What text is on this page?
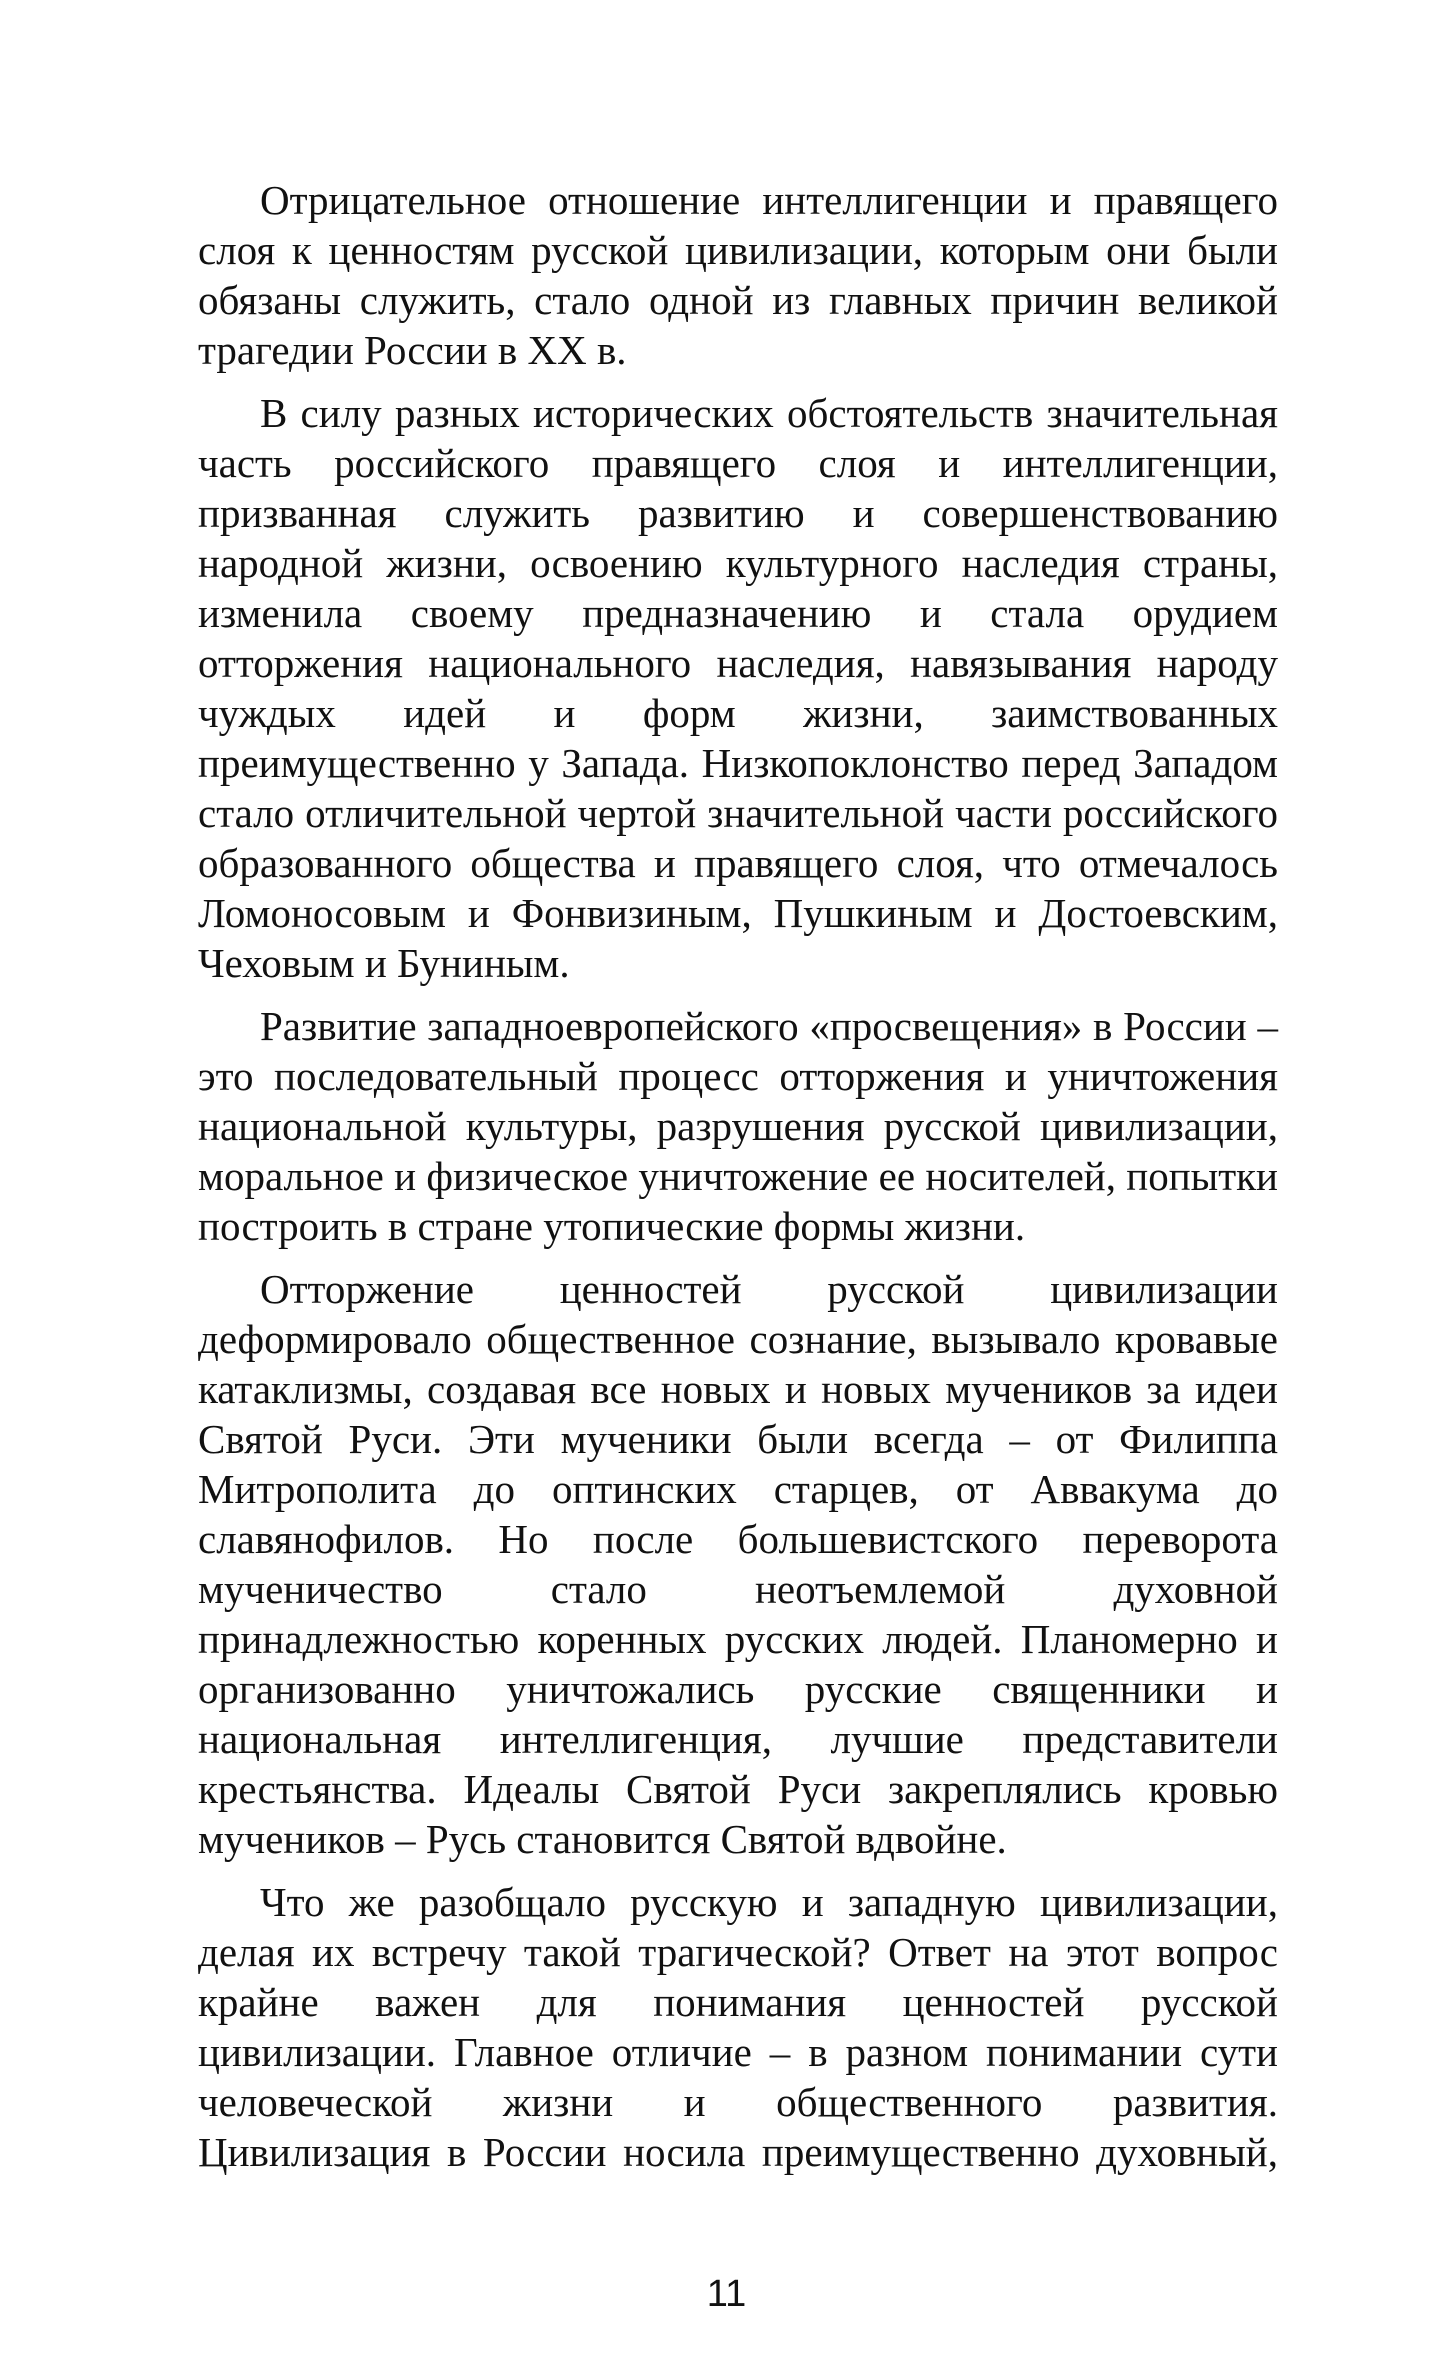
Отрицательное отношение интеллигенции и правящего слоя к ценностям русской цивилизации, которым они были обязаны служить, стало одной из главных причин великой трагедии России в XX в.

В силу разных исторических обстоятельств значительная часть российского правящего слоя и интеллигенции, призванная служить развитию и совершенствованию народной жизни, освоению культурного наследия страны, изменила своему предназначению и стала орудием отторжения национального наследия, навязывания народу чуждых идей и форм жизни, заимствованных преимущественно у Запада. Низкопоклонство перед Западом стало отличительной чертой значительной части российского образованного общества и правящего слоя, что отмечалось Ломоносовым и Фонвизиным, Пушкиным и Достоевским, Чеховым и Буниным.

Развитие западноевропейского «просвещения» в России – это последовательный процесс отторжения и уничтожения национальной культуры, разрушения русской цивилизации, моральное и физическое уничтожение ее носителей, попытки построить в стране утопические формы жизни.

Отторжение ценностей русской цивилизации деформировало общественное сознание, вызывало кровавые катаклизмы, создавая все новых и новых мучеников за идеи Святой Руси. Эти мученики были всегда – от Филиппа Митрополита до оптинских старцев, от Аввакума до славянофилов. Но после большевистского переворота мученичество стало неотъемлемой духовной принадлежностью коренных русских людей. Планомерно и организованно уничтожались русские священники и национальная интеллигенция, лучшие представители крестьянства. Идеалы Святой Руси закреплялись кровью мучеников – Русь становится Святой вдвойне.

Что же разобщало русскую и западную цивилизации, делая их встречу такой трагической? Ответ на этот вопрос крайне важен для понимания ценностей русской цивилизации. Главное отличие – в разном понимании сути человеческой жизни и общественного развития. Цивилизация в России носила преимущественно духовный,

11
